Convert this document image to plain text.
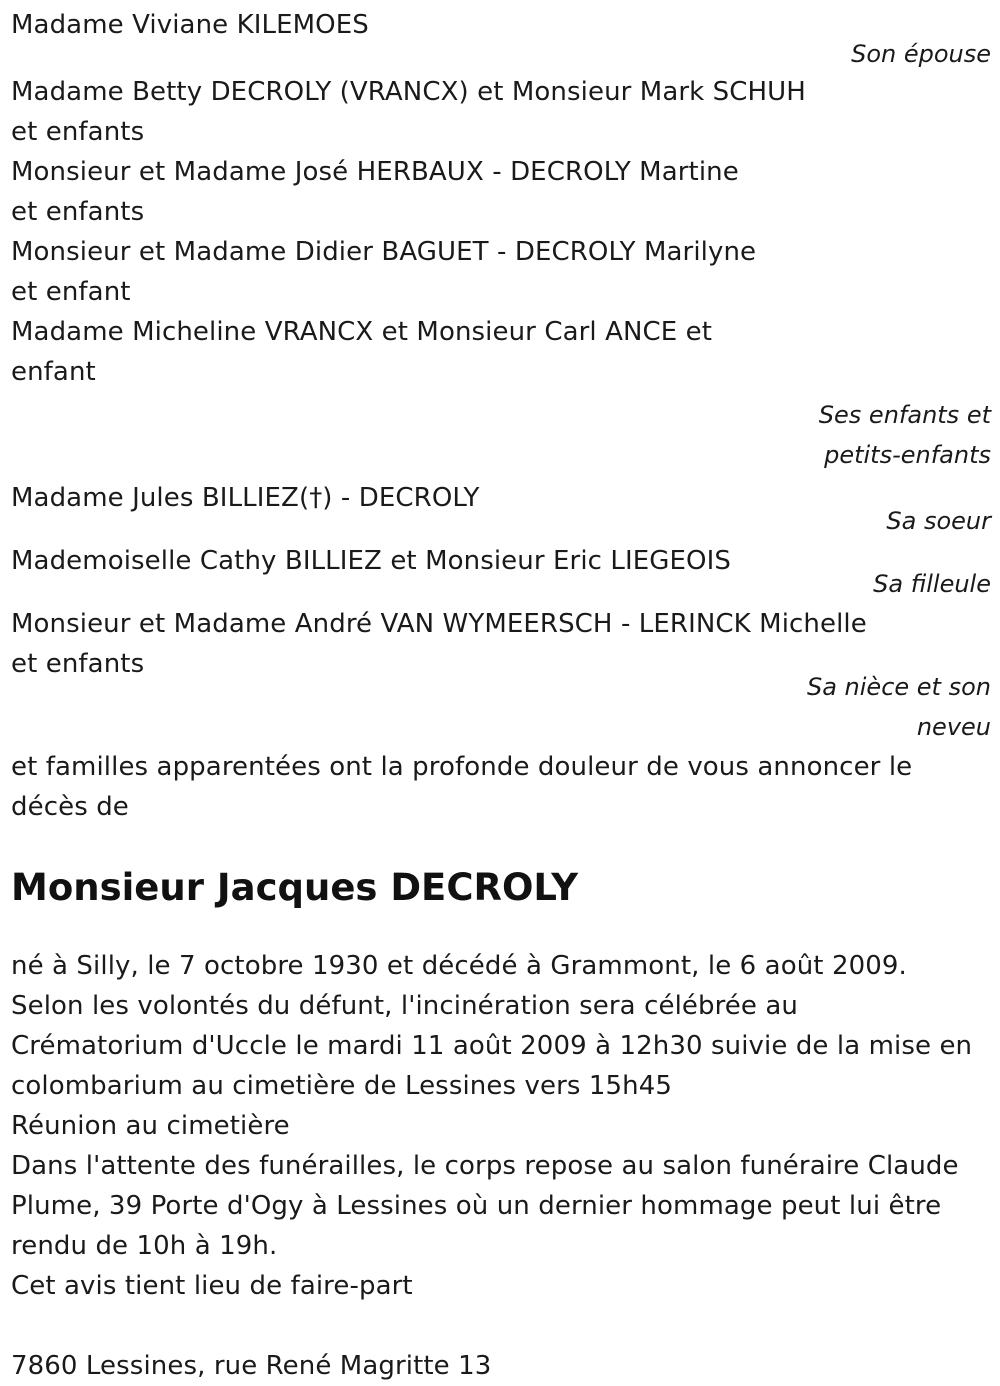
Madame Viviane KILEMOES
Son épouse
Madame Betty DECROLY (VRANCX) et Monsieur Mark SCHUH
et enfants
Monsieur et Madame José HERBAUX - DECROLY Martine
et enfants
Monsieur et Madame Didier BAGUET - DECROLY Marilyne
et enfant
Madame Micheline VRANCX et Monsieur Carl ANCE et
enfant
Ses enfants et
petits-enfants
Madame Jules BILLIEZ(†) - DECROLY
Sa soeur
Mademoiselle Cathy BILLIEZ et Monsieur Eric LIEGEOIS
Sa filleule
Monsieur et Madame André VAN WYMEERSCH - LERINCK Michelle
et enfants
Sa nièce et son
neveu
et familles apparentées ont la profonde douleur de vous annoncer le
décès de
Monsieur Jacques DECROLY
né à Silly, le 7 octobre 1930 et décédé à Grammont, le 6 août 2009.
Selon les volontés du défunt, l'incinération sera célébrée au
Crématorium d'Uccle le mardi 11 août 2009 à 12h30 suivie de la mise en
colombarium au cimetière de Lessines vers 15h45
Réunion au cimetière
Dans l'attente des funérailles, le corps repose au salon funéraire Claude
Plume, 39 Porte d'Ogy à Lessines où un dernier hommage peut lui être
rendu de 10h à 19h.
Cet avis tient lieu de faire-part
7860 Lessines, rue René Magritte 13
